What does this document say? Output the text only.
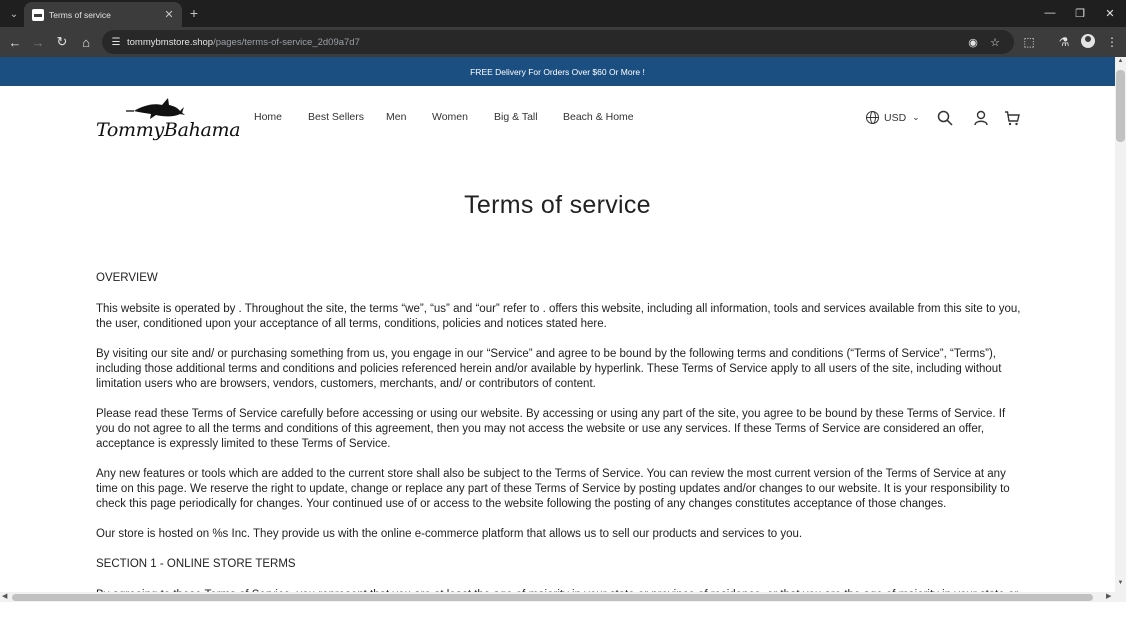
⌄	Terms of service	✕ +	— ❐	✕
← → ↻	⌂	☰ tommybmstore.shop /pages/terms-of-service_2d09a7d7	◉ ☆ ⬚ ⚗	⋮
FREE Delivery For Orders Over $60 Or More !
TommyBahama
Home Best Sellers Men Women Big & Tall Beach & Home	USD ⌄
Terms of service
OVERVIEW

This website is operated by . Throughout the site, the terms “we”, “us” and “our” refer to . offers this website, including all information, tools and services available from this site to you, the user, conditioned upon your acceptance of all terms, conditions, policies and notices stated here.

By visiting our site and/ or purchasing something from us, you engage in our “Service” and agree to be bound by the following terms and conditions (“Terms of Service”, “Terms”), including those additional terms and conditions and policies referenced herein and/or available by hyperlink. These Terms of Service apply to all users of the site, including without limitation users who are browsers, vendors, customers, merchants, and/ or contributors of content.

Please read these Terms of Service carefully before accessing or using our website. By accessing or using any part of the site, you agree to be bound by these Terms of Service. If you do not agree to all the terms and conditions of this agreement, then you may not access the website or use any services. If these Terms of Service are considered an offer, acceptance is expressly limited to these Terms of Service.

Any new features or tools which are added to the current store shall also be subject to the Terms of Service. You can review the most current version of the Terms of Service at any time on this page. We reserve the right to update, change or replace any part of these Terms of Service by posting updates and/or changes to our website. It is your responsibility to check this page periodically for changes. Your continued use of or access to the website following the posting of any changes constitutes acceptance of those changes.

Our store is hosted on %s Inc. They provide us with the online e-commerce platform that allows us to sell our products and services to you.

SECTION 1 - ONLINE STORE TERMS

▲
▼
◀	▶
